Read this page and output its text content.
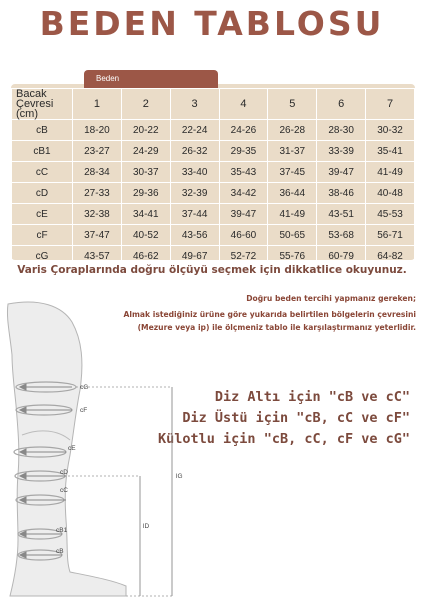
BEDEN TABLOSU
Beden
Bacak
Çevresi (cm)	1	2	3	4	5	6	7
cB	18-20	20-22	22-24	24-26	26-28	28-30	30-32
cB1	23-27	24-29	26-32	29-35	31-37	33-39	35-41
cC	28-34	30-37	33-40	35-43	37-45	39-47	41-49
cD	27-33	29-36	32-39	34-42	36-44	38-46	40-48
cE	32-38	34-41	37-44	39-47	41-49	43-51	45-53
cF	37-47	40-52	43-56	46-60	50-65	53-68	56-71
cG	43-57	46-62	49-67	52-72	55-76	60-79	64-82
Varis Çoraplarında doğru ölçüyü seçmek için dikkatlice okuyunuz.
Doğru beden tercihi yapmanız gereken;
Almak istediğiniz ürüne göre yukarıda belirtilen bölgelerin çevresini
(Mezure veya ip) ile ölçmeniz tablo ile karşılaştırmanız yeterlidir.
Diz Altı için "cB ve cC"
Diz Üstü için "cB, cC ve cF"
Külotlu için "cB, cC, cF ve cG"
cG
cF
cE
cD
cC
cB1
cB
lG
lD
